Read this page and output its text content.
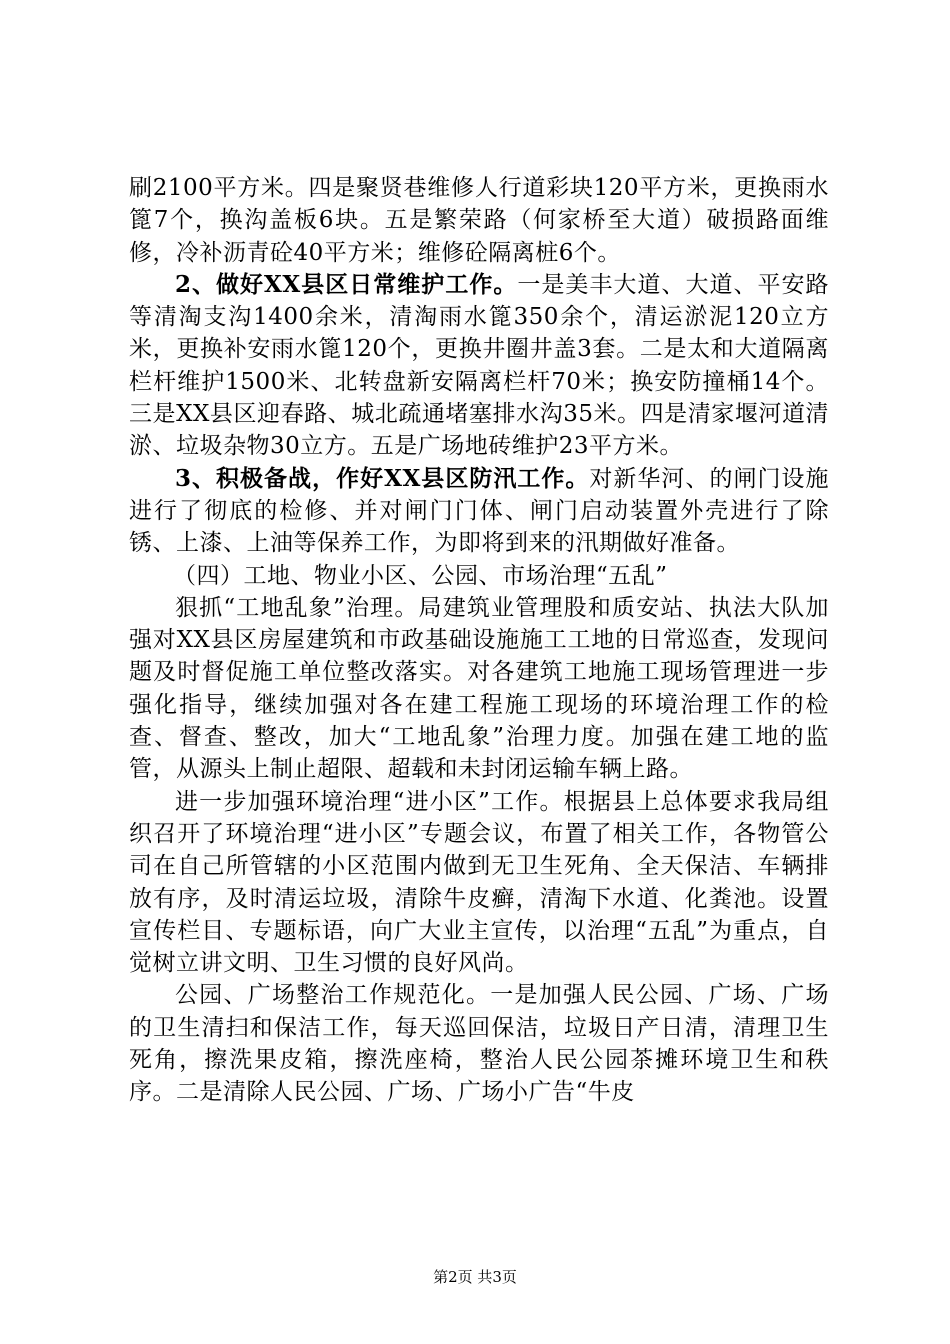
刷2100平方米。四是聚贤巷维修人行道彩块120平方米，更换雨水篦7个，换沟盖板6块。五是繁荣路（何家桥至大道）破损路面维修，冷补沥青砼40平方米；维修砼隔离桩6个。

2、做好XX县区日常维护工作。一是美丰大道、大道、平安路等清淘支沟1400余米，清淘雨水篦350余个，清运淤泥120立方米，更换补安雨水篦120个，更换井圈井盖3套。二是太和大道隔离栏杆维护1500米、北转盘新安隔离栏杆70米；换安防撞桶14个。三是XX县区迎春路、城北疏通堵塞排水沟35米。四是清家堰河道清淤、垃圾杂物30立方。五是广场地砖维护23平方米。

3、积极备战，作好XX县区防汛工作。对新华河、的闸门设施进行了彻底的检修、并对闸门门体、闸门启动装置外壳进行了除锈、上漆、上油等保养工作，为即将到来的汛期做好准备。

（四）工地、物业小区、公园、市场治理“五乱”

狠抓“工地乱象”治理。局建筑业管理股和质安站、执法大队加强对XX县区房屋建筑和市政基础设施施工工地的日常巡查，发现问题及时督促施工单位整改落实。对各建筑工地施工现场管理进一步强化指导，继续加强对各在建工程施工现场的环境治理工作的检查、督查、整改，加大“工地乱象”治理力度。加强在建工地的监管，从源头上制止超限、超载和未封闭运输车辆上路。

进一步加强环境治理“进小区”工作。根据县上总体要求我局组织召开了环境治理“进小区”专题会议，布置了相关工作，各物管公司在自己所管辖的小区范围内做到无卫生死角、全天保洁、车辆排放有序，及时清运垃圾，清除牛皮癣，清淘下水道、化粪池。设置宣传栏目、专题标语，向广大业主宣传，以治理“五乱”为重点，自觉树立讲文明、卫生习惯的良好风尚。

公园、广场整治工作规范化。一是加强人民公园、广场、广场的卫生清扫和保洁工作，每天巡回保洁，垃圾日产日清，清理卫生死角，擦洗果皮箱，擦洗座椅，整治人民公园茶摊环境卫生和秩序。二是清除人民公园、广场、广场小广告“牛皮

第2页 共3页
